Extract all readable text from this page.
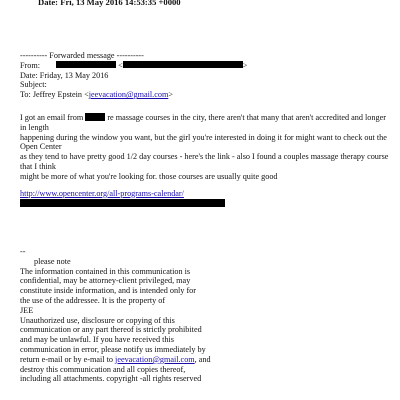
Date: Fri, 13 May 2016 14:53:35 +0000
---------- Forwarded message ----------
From:	<	>
Date: Friday, 13 May 2016
Subject:
To: Jeffrey Epstein <jeevacation@gmail.com>
I got an email from	re massage courses in the city, there aren't that many that aren't accredited and longer
in length
happening during the window you want, but the girl you're interested in doing it for might want to check out the
Open Center
as they tend to have pretty good 1/2 day courses - here's the link - also I found a couples massage therapy course
that I think
might be more of what you're looking for. those courses are usually quite good
http://www.opencenter.org/all-programs-calendar/
--
please note
The information contained in this communication is
confidential, may be attorney-client privileged, may
constitute inside information, and is intended only for
the use of the addressee. It is the property of
JEE
Unauthorized use, disclosure or copying of this
communication or any part thereof is strictly prohibited
and may be unlawful. If you have received this
communication in error, please notify us immediately by
return e-mail or by e-mail to jeevacation@gmail.com, and
destroy this communication and all copies thereof,
including all attachments. copyright -all rights reserved
